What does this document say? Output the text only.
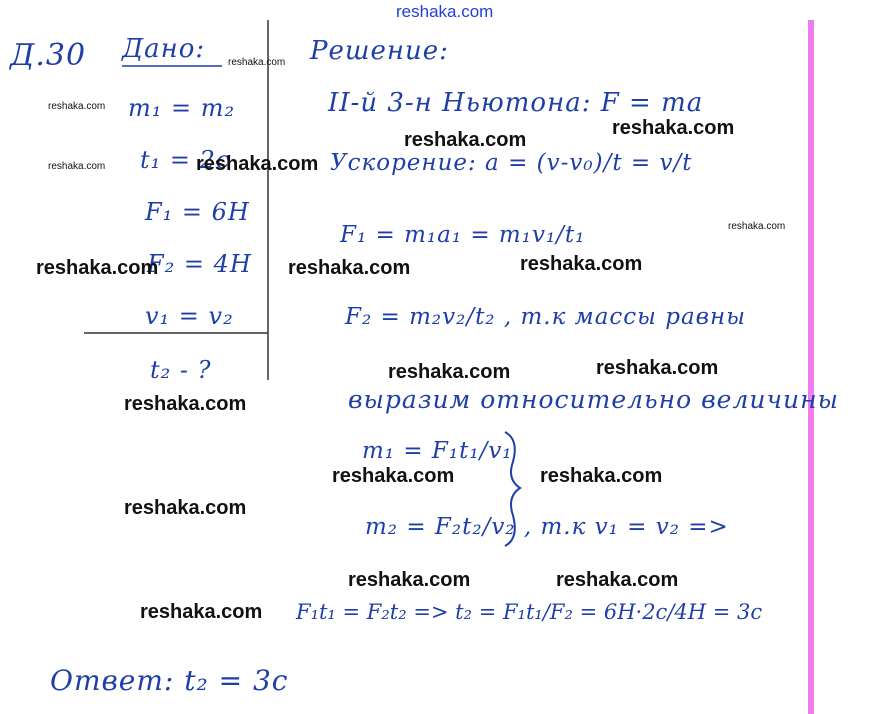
reshaka.com
Д.30 Дано:
m₁ = m₂
t₁ = 2c
F₁ = 6H
F₂ = 4H
v₁ = v₂
t₂ - ?
Решение:
II-й 3-н Ньютона: F = ma
Ускорение: a = (v-v₀)/t = v/t
F₁ = m₁a₁ = m₁v₁/t₁
F₂ = m₂v₂/t₂ , т.к массы равны
выразим относительно величины
m₁ = F₁t₁/v₁
m₂ = F₂t₂/v₂ , т.к v₁ = v₂ =>
F₁t₁ = F₂t₂ => t₂ = F₁t₁/F₂ = 6H·2c/4H = 3c
Ответ: t₂ = 3c
reshaka.com
reshaka.com
reshaka.com
reshaka.com
reshaka.com
reshaka.com
reshaka.com
reshaka.com	reshaka.com	reshaka.com
reshaka.com
reshaka.com
reshaka.com
reshaka.com	reshaka.com
reshaka.com
reshaka.com	reshaka.com
reshaka.com
